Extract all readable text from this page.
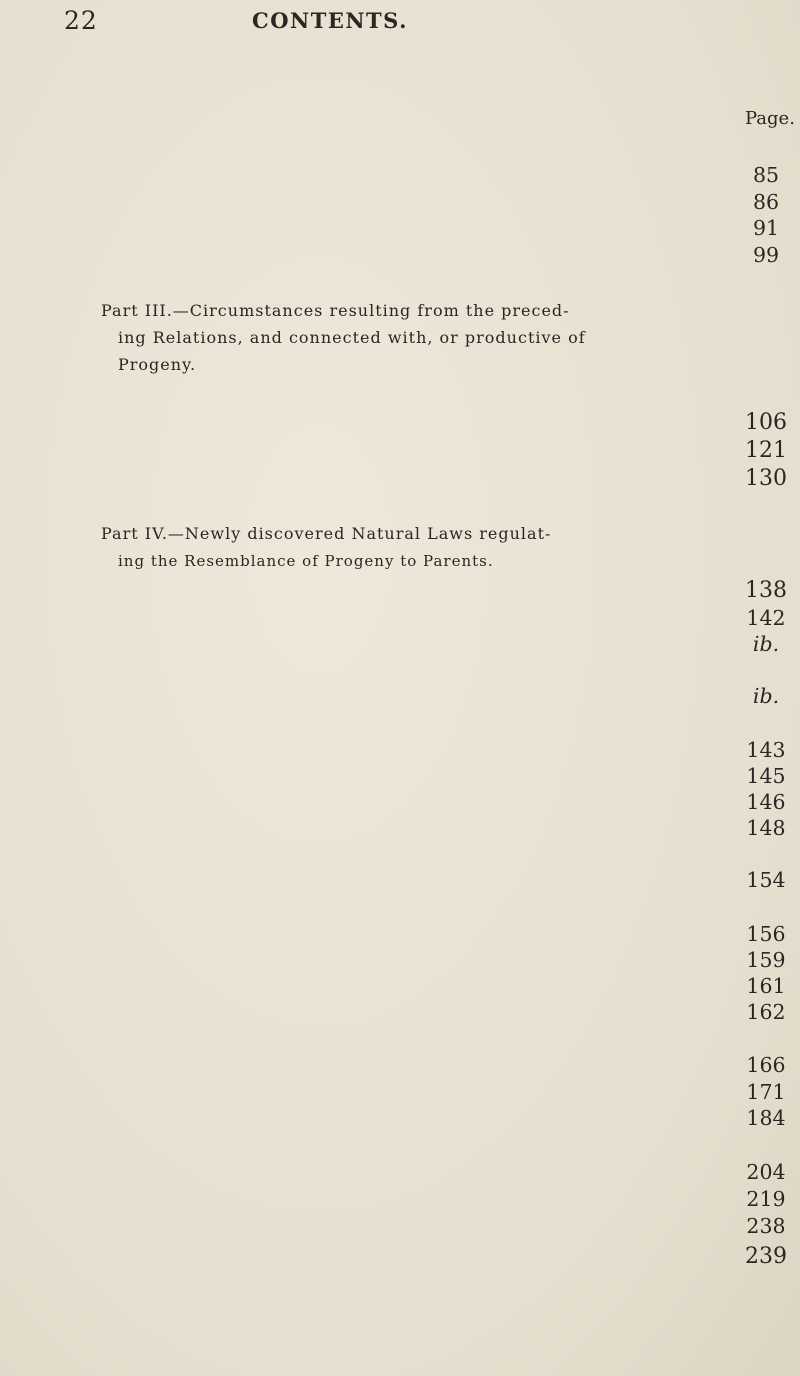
22	CONTENTS.
Page.
85
86
91
99
Part III.—Circumstances resulting from the preced-
ing Relations, and connected with, or productive of
Progeny.
106
121
130
Part IV.—Newly discovered Natural Laws regulat-
ing the Resemblance of Progeny to Parents.
138
142
ib.
ib.
143
145
146
148
154
156
159
161
162
166
171
184
204
219
238
239
